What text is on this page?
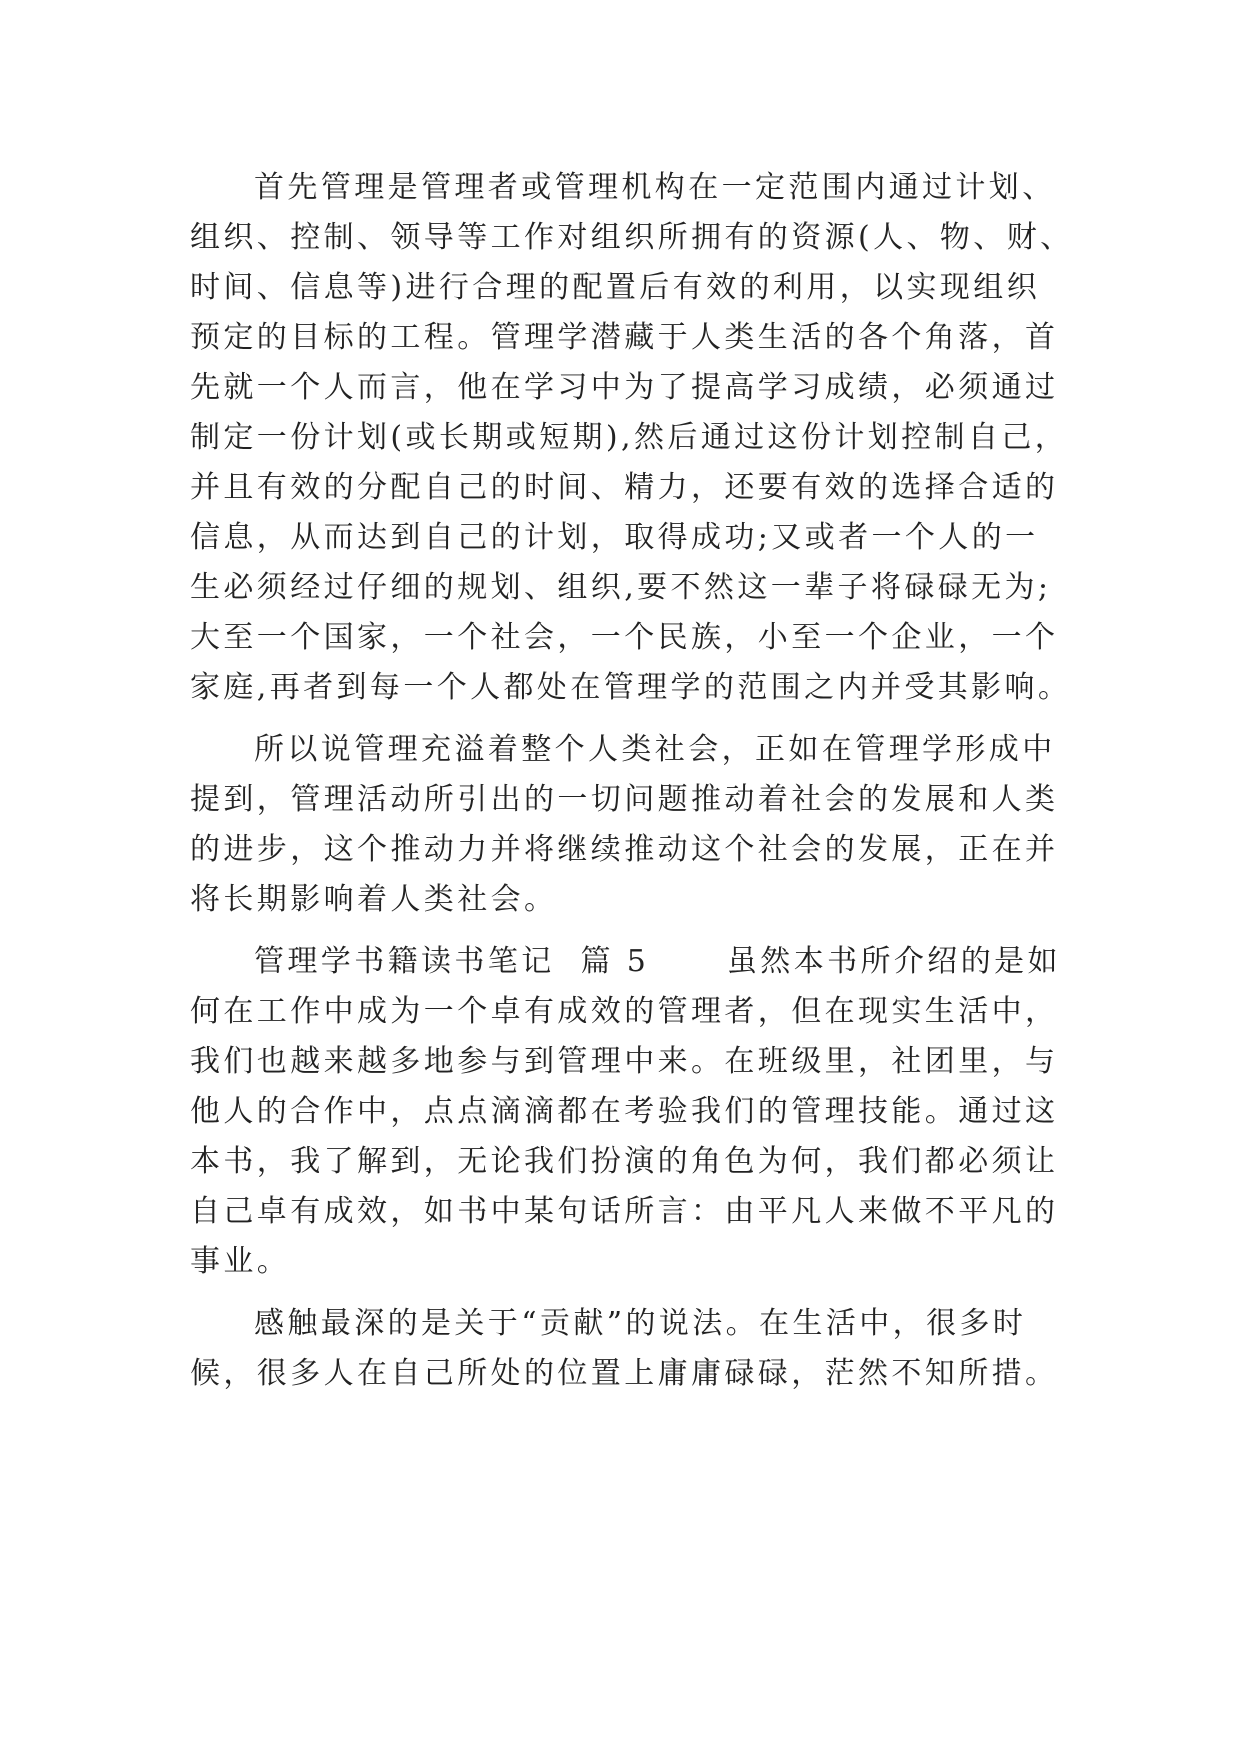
首先管理是管理者或管理机构在一定范围内通过计划、
组织、控制、领导等工作对组织所拥有的资源(人、物、财、
时间、信息等)进行合理的配置后有效的利用，以实现组织
预定的目标的工程。管理学潜藏于人类生活的各个角落，首
先就一个人而言，他在学习中为了提高学习成绩，必须通过
制定一份计划(或长期或短期),然后通过这份计划控制自己，
并且有效的分配自己的时间、精力，还要有效的选择合适的
信息，从而达到自己的计划，取得成功;又或者一个人的一
生必须经过仔细的规划、组织,要不然这一辈子将碌碌无为;
大至一个国家，一个社会，一个民族，小至一个企业，一个
家庭,再者到每一个人都处在管理学的范围之内并受其影响。

所以说管理充溢着整个人类社会，正如在管理学形成中
提到，管理活动所引出的一切问题推动着社会的发展和人类
的进步，这个推动力并将继续推动这个社会的发展，正在并
将长期影响着人类社会。

管理学书籍读书笔记  篇 5      虽然本书所介绍的是如
何在工作中成为一个卓有成效的管理者，但在现实生活中，
我们也越来越多地参与到管理中来。在班级里，社团里，与
他人的合作中，点点滴滴都在考验我们的管理技能。通过这
本书，我了解到，无论我们扮演的角色为何，我们都必须让
自己卓有成效，如书中某句话所言：由平凡人来做不平凡的
事业。

感触最深的是关于“贡献”的说法。在生活中，很多时
候，很多人在自己所处的位置上庸庸碌碌，茫然不知所措。
